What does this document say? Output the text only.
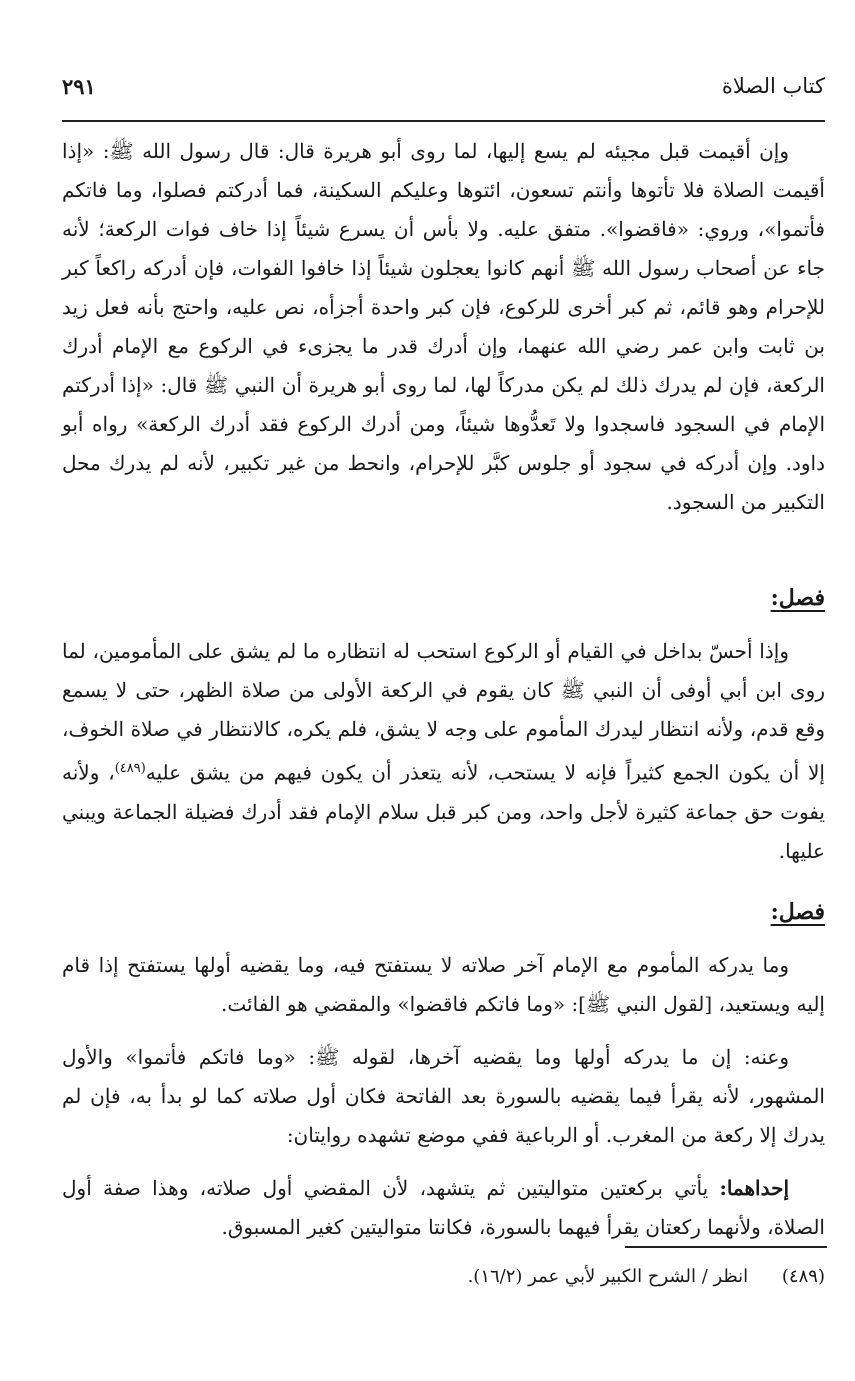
٢٩١	كتاب الصلاة

وإن أقيمت قبل مجيئه لم يسع إليها، لما روى أبو هريرة قال: قال رسول الله ﷺ: «إذا أقيمت الصلاة فلا تأتوها وأنتم تسعون، ائتوها وعليكم السكينة، فما أدركتم فصلوا، وما فاتكم فأتموا»، وروي: «فاقضوا». متفق عليه. ولا بأس أن يسرع شيئاً إذا خاف فوات الركعة؛ لأنه جاء عن أصحاب رسول الله ﷺ أنهم كانوا يعجلون شيئاً إذا خافوا الفوات، فإن أدركه راكعاً كبر للإحرام وهو قائم، ثم كبر أخرى للركوع، فإن كبر واحدة أجزأه، نص عليه، واحتج بأنه فعل زيد بن ثابت وابن عمر رضي الله عنهما، وإن أدرك قدر ما يجزىء في الركوع مع الإمام أدرك الركعة، فإن لم يدرك ذلك لم يكن مدركاً لها، لما روى أبو هريرة أن النبي ﷺ قال: «إذا أدركتم الإمام في السجود فاسجدوا ولا تَعدُّوها شيئاً، ومن أدرك الركوع فقد أدرك الركعة» رواه أبو داود. وإن أدركه في سجود أو جلوس كبَّر للإحرام، وانحط من غير تكبير، لأنه لم يدرك محل التكبير من السجود.

فصل:

وإذا أحسّ بداخل في القيام أو الركوع استحب له انتظاره ما لم يشق على المأمومين، لما روى ابن أبي أوفى أن النبي ﷺ كان يقوم في الركعة الأولى من صلاة الظهر، حتى لا يسمع وقع قدم، ولأنه انتظار ليدرك المأموم على وجه لا يشق، فلم يكره، كالانتظار في صلاة الخوف، إلا أن يكون الجمع كثيراً فإنه لا يستحب، لأنه يتعذر أن يكون فيهم من يشق عليه$^{(٤٨٩)}$، ولأنه يفوت حق جماعة كثيرة لأجل واحد، ومن كبر قبل سلام الإمام فقد أدرك فضيلة الجماعة ويبني عليها.

فصل:

وما يدركه المأموم مع الإمام آخر صلاته لا يستفتح فيه، وما يقضيه أولها يستفتح إذا قام إليه ويستعيد، [لقول النبي ﷺ]: «وما فاتكم فاقضوا» والمقضي هو الفائت.

وعنه: إن ما يدركه أولها وما يقضيه آخرها، لقوله ﷺ: «وما فاتكم فأتموا» والأول المشهور، لأنه يقرأ فيما يقضيه بالسورة بعد الفاتحة فكان أول صلاته كما لو بدأ به، فإن لم يدرك إلا ركعة من المغرب. أو الرباعية ففي موضع تشهده روايتان:

إحداهما: يأتي بركعتين متواليتين ثم يتشهد، لأن المقضي أول صلاته، وهذا صفة أول الصلاة، ولأنهما ركعتان يقرأ فيهما بالسورة، فكانتا متواليتين كغير المسبوق.

(٤٨٩) انظر / الشرح الكبير لأبي عمر (١٦/٢).
